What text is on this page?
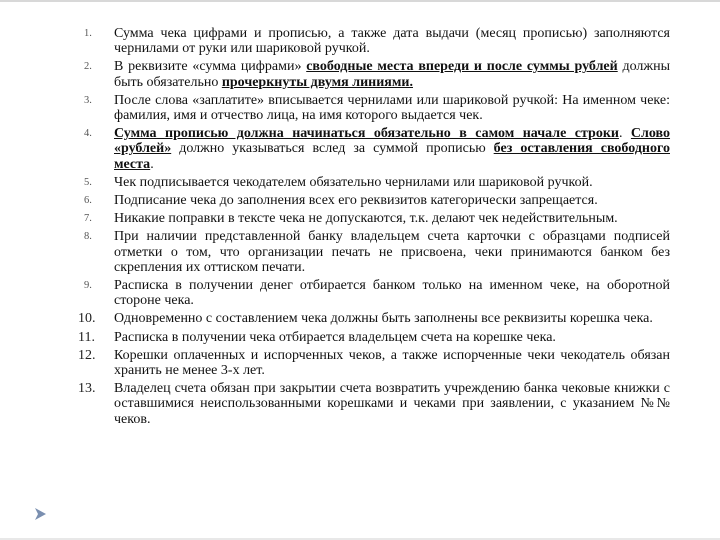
1.	Сумма чека цифрами и прописью, а также дата выдачи (месяц прописью) заполняются чернилами от руки или шариковой ручкой.
2.	В реквизите «сумма цифрами» свободные места впереди и после суммы рублей должны быть обязательно прочеркнуты двумя линиями.
3.	После слова «заплатите» вписывается чернилами или шариковой ручкой: На именном чеке: фамилия, имя и отчество лица, на имя которого выдается чек.
4.	Сумма прописью должна начинаться обязательно в самом начале строки. Слово «рублей» должно указываться вслед за суммой прописью без оставления свободного места.
5.	Чек подписывается чекодателем обязательно чернилами или шариковой ручкой.
6.	Подписание чека до заполнения всех его реквизитов категорически запрещается.
7.	Никакие поправки в тексте чека не допускаются, т.к. делают чек недействительным.
8.	При наличии представленной банку владельцем счета карточки с образцами подписей отметки о том, что организации печать не присвоена, чеки принимаются банком без скрепления их оттиском печати.
9.	Расписка в получении денег отбирается банком только на именном чеке, на оборотной стороне чека.
10.	Одновременно с составлением чека должны быть заполнены все реквизиты корешка чека.
11.	Расписка в получении чека отбирается владельцем счета на корешке чека.
12.	Корешки оплаченных и испорченных чеков, а также испорченные чеки чекодатель обязан хранить не менее 3-х лет.
13.	Владелец счета обязан при закрытии счета возвратить учреждению банка чековые книжки с оставшимися неиспользованными корешками и чеками при заявлении, с указанием №№ чеков.
